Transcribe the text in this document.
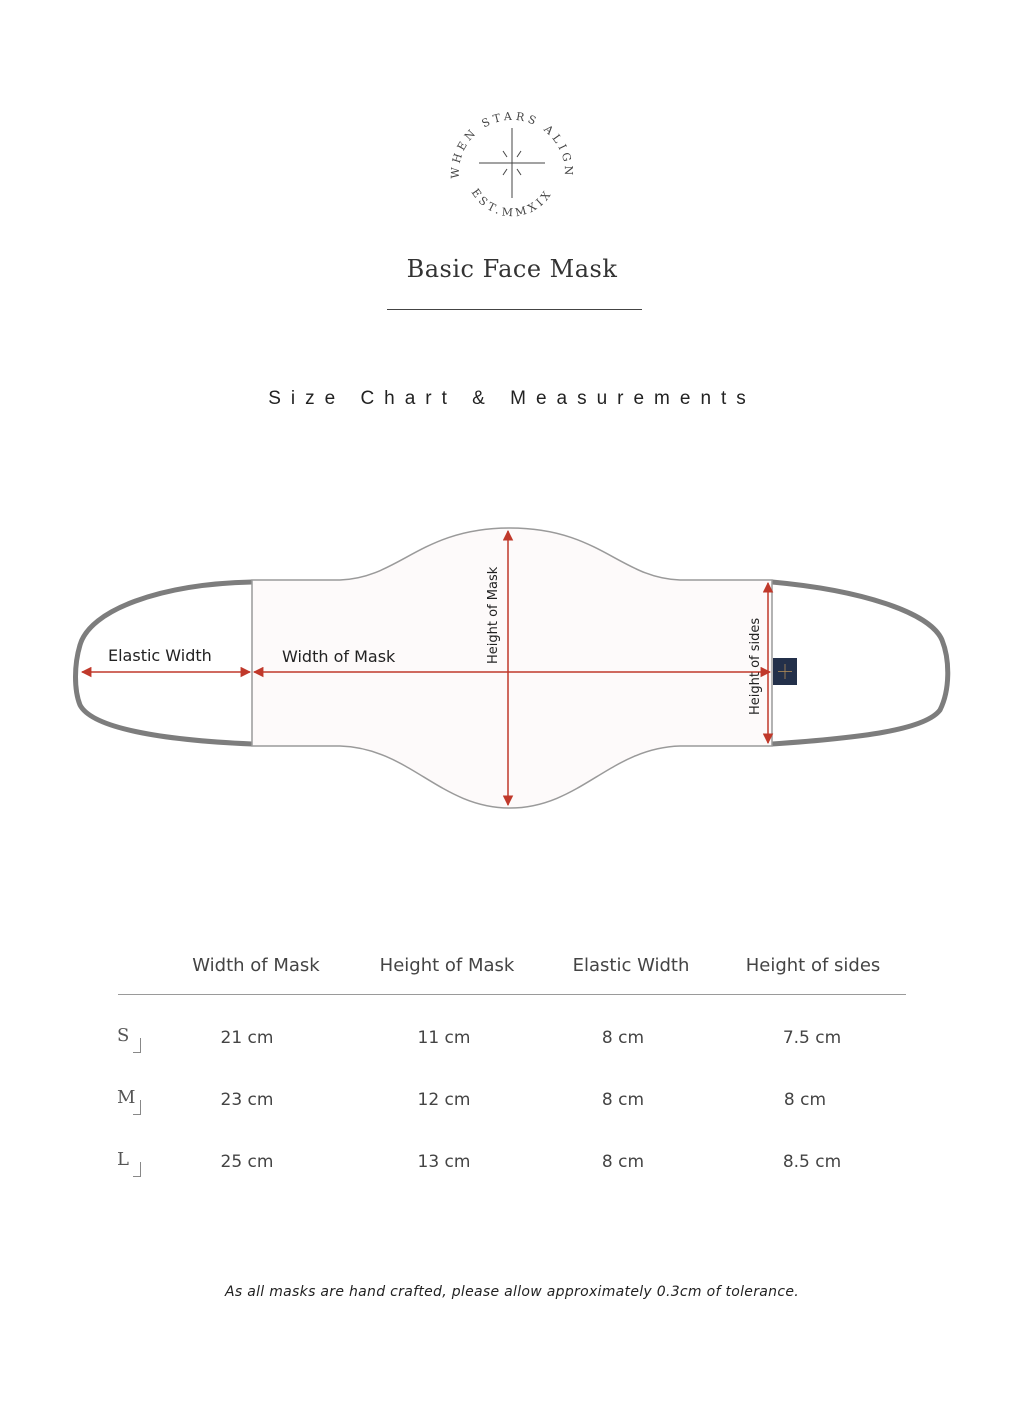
WHEN STARS ALIGN
EST.MMXIX
Basic Face Mask
Size Chart & Measurements
Elastic Width	Width of Mask	Height of Mask
Height of sides
Width of Mask	Height of Mask	Elastic Width	Height of sides
S	21 cm	11 cm	8 cm	7.5 cm
M	23 cm	12 cm	8 cm	8 cm
L	25 cm	13 cm	8 cm	8.5 cm
As all masks are hand crafted, please allow approximately 0.3cm of tolerance.
